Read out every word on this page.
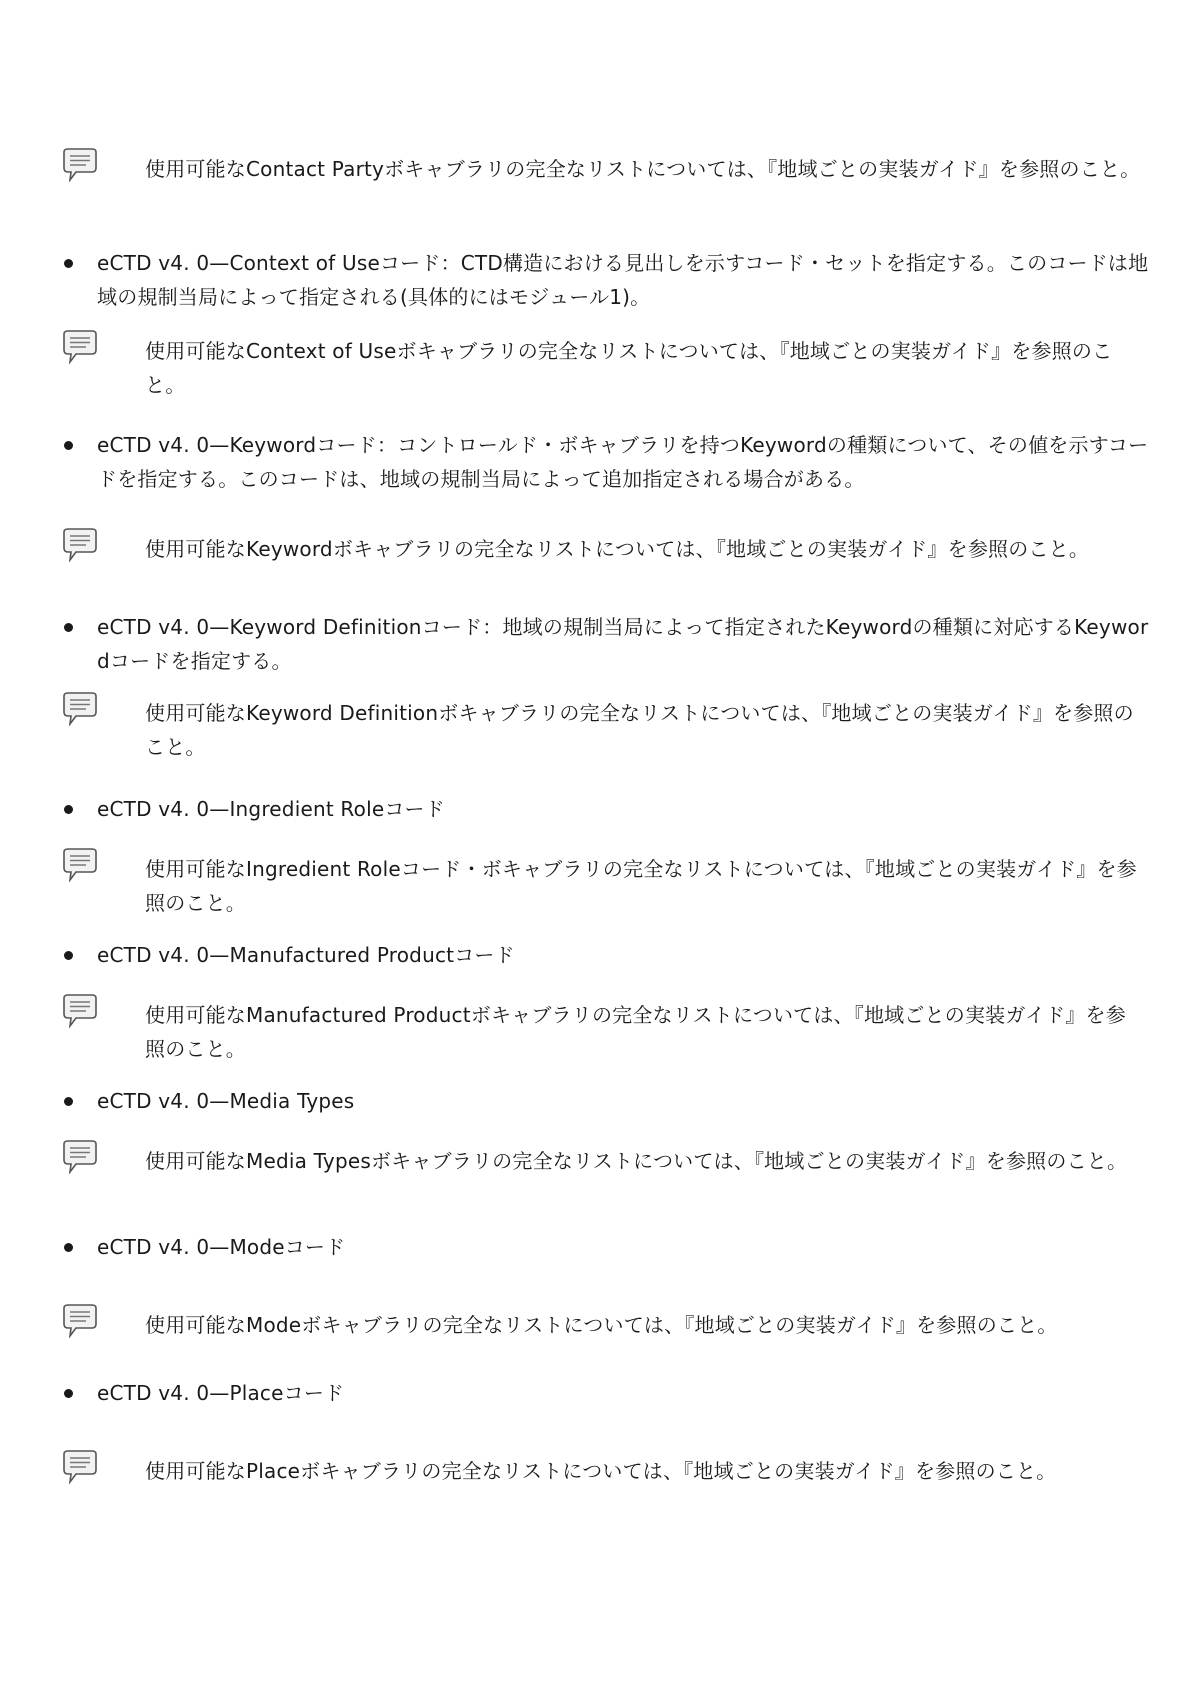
使用可能なContact Partyボキャブラリの完全なリストについては、『地域ごとの実装ガイド』を参照のこと。
eCTD v4. 0—Context of Useコード：CTD構造における見出しを示すコード・セットを指定する。このコードは地域の規制当局によって指定される(具体的にはモジュール1)。
使用可能なContext of Useボキャブラリの完全なリストについては、『地域ごとの実装ガイド』を参照のこと。
eCTD v4. 0—Keywordコード：コントロールド・ボキャブラリを持つKeywordの種類について、その値を示すコードを指定する。このコードは、地域の規制当局によって追加指定される場合がある。
使用可能なKeywordボキャブラリの完全なリストについては、『地域ごとの実装ガイド』を参照のこと。
eCTD v4. 0—Keyword Definitionコード：地域の規制当局によって指定されたKeywordの種類に対応するKeywordコードを指定する。
使用可能なKeyword Definitionボキャブラリの完全なリストについては、『地域ごとの実装ガイド』を参照のこと。
eCTD v4. 0—Ingredient Roleコード
使用可能なIngredient Roleコード・ボキャブラリの完全なリストについては、『地域ごとの実装ガイド』を参照のこと。
eCTD v4. 0—Manufactured Productコード
使用可能なManufactured Productボキャブラリの完全なリストについては、『地域ごとの実装ガイド』を参照のこと。
eCTD v4. 0—Media Types
使用可能なMedia Typesボキャブラリの完全なリストについては、『地域ごとの実装ガイド』を参照のこと。
eCTD v4. 0—Modeコード
使用可能なModeボキャブラリの完全なリストについては、『地域ごとの実装ガイド』を参照のこと。
eCTD v4. 0—Placeコード
使用可能なPlaceボキャブラリの完全なリストについては、『地域ごとの実装ガイド』を参照のこと。
